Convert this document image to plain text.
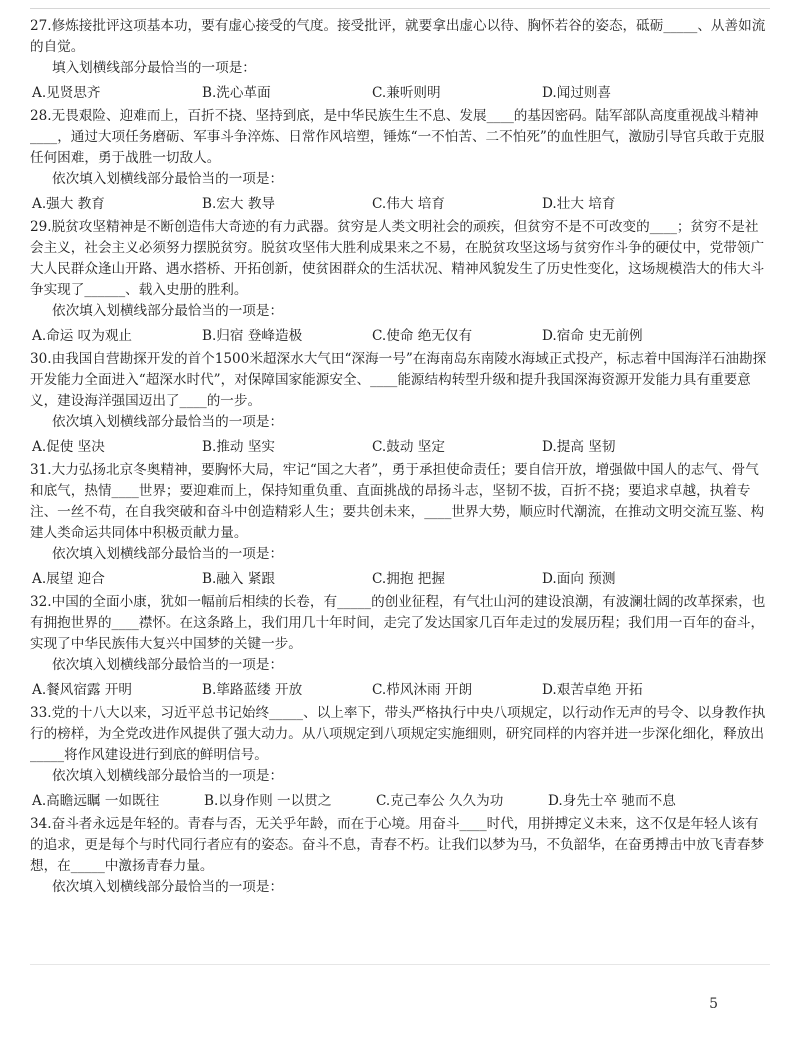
27.修炼接批评这项基本功，要有虚心接受的气度。接受批评，就要拿出虚心以待、胸怀若谷的姿态，砥砺_____、从善如流的自觉。
填入划横线部分最恰当的一项是：
A.见贤思齐	B.洗心革面	C.兼听则明	D.闻过则喜
28.无畏艰险、迎难而上，百折不挠、坚持到底，是中华民族生生不息、发展____的基因密码。陆军部队高度重视战斗精神____，通过大项任务磨砺、军事斗争淬炼、日常作风培塑，锤炼“一不怕苦、二不怕死”的血性胆气，激励引导官兵敢于克服任何困难，勇于战胜一切敌人。
依次填入划横线部分最恰当的一项是：
A.强大 教育	B.宏大 教导	C.伟大 培育	D.壮大 培育
29.脱贫攻坚精神是不断创造伟大奇迹的有力武器。贫穷是人类文明社会的顽疾，但贫穷不是不可改变的____；贫穷不是社会主义，社会主义必须努力摆脱贫穷。脱贫攻坚伟大胜利成果来之不易，在脱贫攻坚这场与贫穷作斗争的硬仗中，党带领广大人民群众逢山开路、遇水搭桥、开拓创新，使贫困群众的生活状况、精神风貌发生了历史性变化，这场规模浩大的伟大斗争实现了______、载入史册的胜利。
依次填入划横线部分最恰当的一项是：
A.命运 叹为观止	B.归宿 登峰造极	C.使命 绝无仅有	D.宿命 史无前例
30.由我国自营勘探开发的首个1500米超深水大气田“深海一号”在海南岛东南陵水海域正式投产，标志着中国海洋石油勘探开发能力全面进入“超深水时代”，对保障国家能源安全、____能源结构转型升级和提升我国深海资源开发能力具有重要意义，建设海洋强国迈出了____的一步。
依次填入划横线部分最恰当的一项是：
A.促使 坚决	B.推动 坚实	C.鼓动 坚定	D.提高 坚韧
31.大力弘扬北京冬奥精神，要胸怀大局，牢记“国之大者”，勇于承担使命责任；要自信开放，增强做中国人的志气、骨气和底气，热情____世界；要迎难而上，保持知重负重、直面挑战的昂扬斗志，坚韧不拔，百折不挠；要追求卓越，执着专注、一丝不苟，在自我突破和奋斗中创造精彩人生；要共创未来，____世界大势，顺应时代潮流，在推动文明交流互鉴、构建人类命运共同体中积极贡献力量。
依次填入划横线部分最恰当的一项是：
A.展望 迎合	B.融入 紧跟	C.拥抱 把握	D.面向 预测
32.中国的全面小康，犹如一幅前后相续的长卷，有_____的创业征程，有气壮山河的建设浪潮，有波澜壮阔的改革探索，也有拥抱世界的____襟怀。在这条路上，我们用几十年时间，走完了发达国家几百年走过的发展历程；我们用一百年的奋斗，实现了中华民族伟大复兴中国梦的关键一步。
依次填入划横线部分最恰当的一项是：
A.餐风宿露 开明	B.筚路蓝缕 开放	C.栉风沐雨 开朗	D.艰苦卓绝 开拓
33.党的十八大以来，习近平总书记始终_____、以上率下，带头严格执行中央八项规定，以行动作无声的号令、以身教作执行的榜样，为全党改进作风提供了强大动力。从八项规定到八项规定实施细则，研究同样的内容并进一步深化细化，释放出_____将作风建设进行到底的鲜明信号。
依次填入划横线部分最恰当的一项是：
A.高瞻远瞩 一如既往	B.以身作则 一以贯之	C.克己奉公 久久为功	D.身先士卒 驰而不息
34.奋斗者永远是年轻的。青春与否，无关乎年龄，而在于心境。用奋斗____时代，用拼搏定义未来，这不仅是年轻人该有的追求，更是每个与时代同行者应有的姿态。奋斗不息，青春不朽。让我们以梦为马，不负韶华，在奋勇搏击中放飞青春梦想，在_____中激扬青春力量。
依次填入划横线部分最恰当的一项是：
5
